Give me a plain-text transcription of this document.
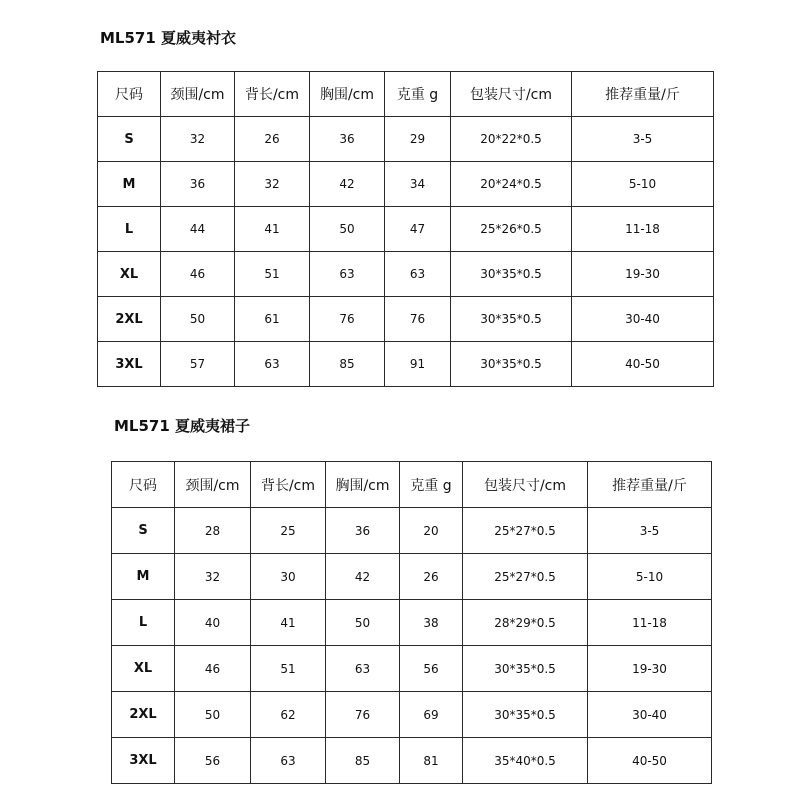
ML571 夏威夷衬衣
尺码	颈围/cm	背长/cm	胸围/cm	克重 g	包装尺寸/cm	推荐重量/斤
S	32	26	36	29	20*22*0.5	3-5
M	36	32	42	34	20*24*0.5	5-10
L	44	41	50	47	25*26*0.5	11-18
XL	46	51	63	63	30*35*0.5	19-30
2XL	50	61	76	76	30*35*0.5	30-40
3XL	57	63	85	91	30*35*0.5	40-50
ML571 夏威夷裙子
尺码	颈围/cm	背长/cm	胸围/cm	克重 g	包装尺寸/cm	推荐重量/斤
S	28	25	36	20	25*27*0.5	3-5
M	32	30	42	26	25*27*0.5	5-10
L	40	41	50	38	28*29*0.5	11-18
XL	46	51	63	56	30*35*0.5	19-30
2XL	50	62	76	69	30*35*0.5	30-40
3XL	56	63	85	81	35*40*0.5	40-50
